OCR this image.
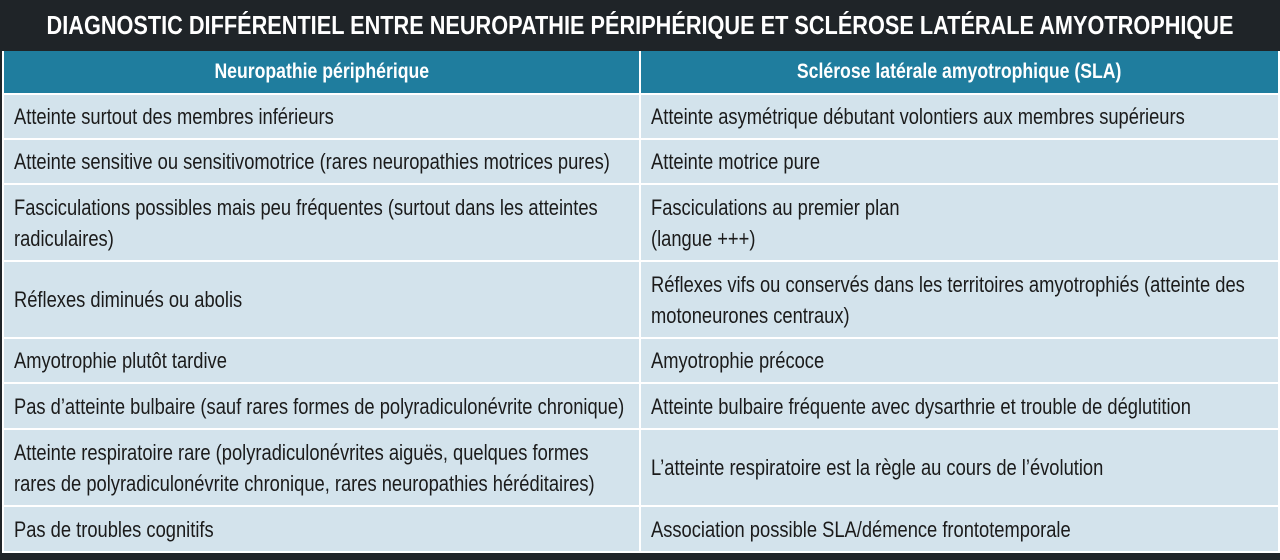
DIAGNOSTIC DIFFÉRENTIEL ENTRE NEUROPATHIE PÉRIPHÉRIQUE ET SCLÉROSE LATÉRALE AMYOTROPHIQUE
Neuropathie périphérique	Sclérose latérale amyotrophique (SLA)

Atteinte surtout des membres inférieurs	Atteinte asymétrique débutant volontiers aux membres supérieurs

Atteinte sensitive ou sensitivomotrice (rares neuropathies motrices pures)	Atteinte motrice pure

Fasciculations possibles mais peu fréquentes (surtout dans les atteintes radiculaires)	Fasciculations au premier plan
(langue +++)

Réflexes diminués ou abolis	Réflexes vifs ou conservés dans les territoires amyotrophiés (atteinte des motoneurones centraux)

Amyotrophie plutôt tardive	Amyotrophie précoce

Pas d’atteinte bulbaire (sauf rares formes de polyradiculonévrite chronique)	Atteinte bulbaire fréquente avec dysarthrie et trouble de déglutition

Atteinte respiratoire rare (polyradiculonévrites aiguës, quelques formes rares de polyradiculonévrite chronique, rares neuropathies héréditaires)	L’atteinte respiratoire est la règle au cours de l’évolution

Pas de troubles cognitifs	Association possible SLA/démence frontotemporale
